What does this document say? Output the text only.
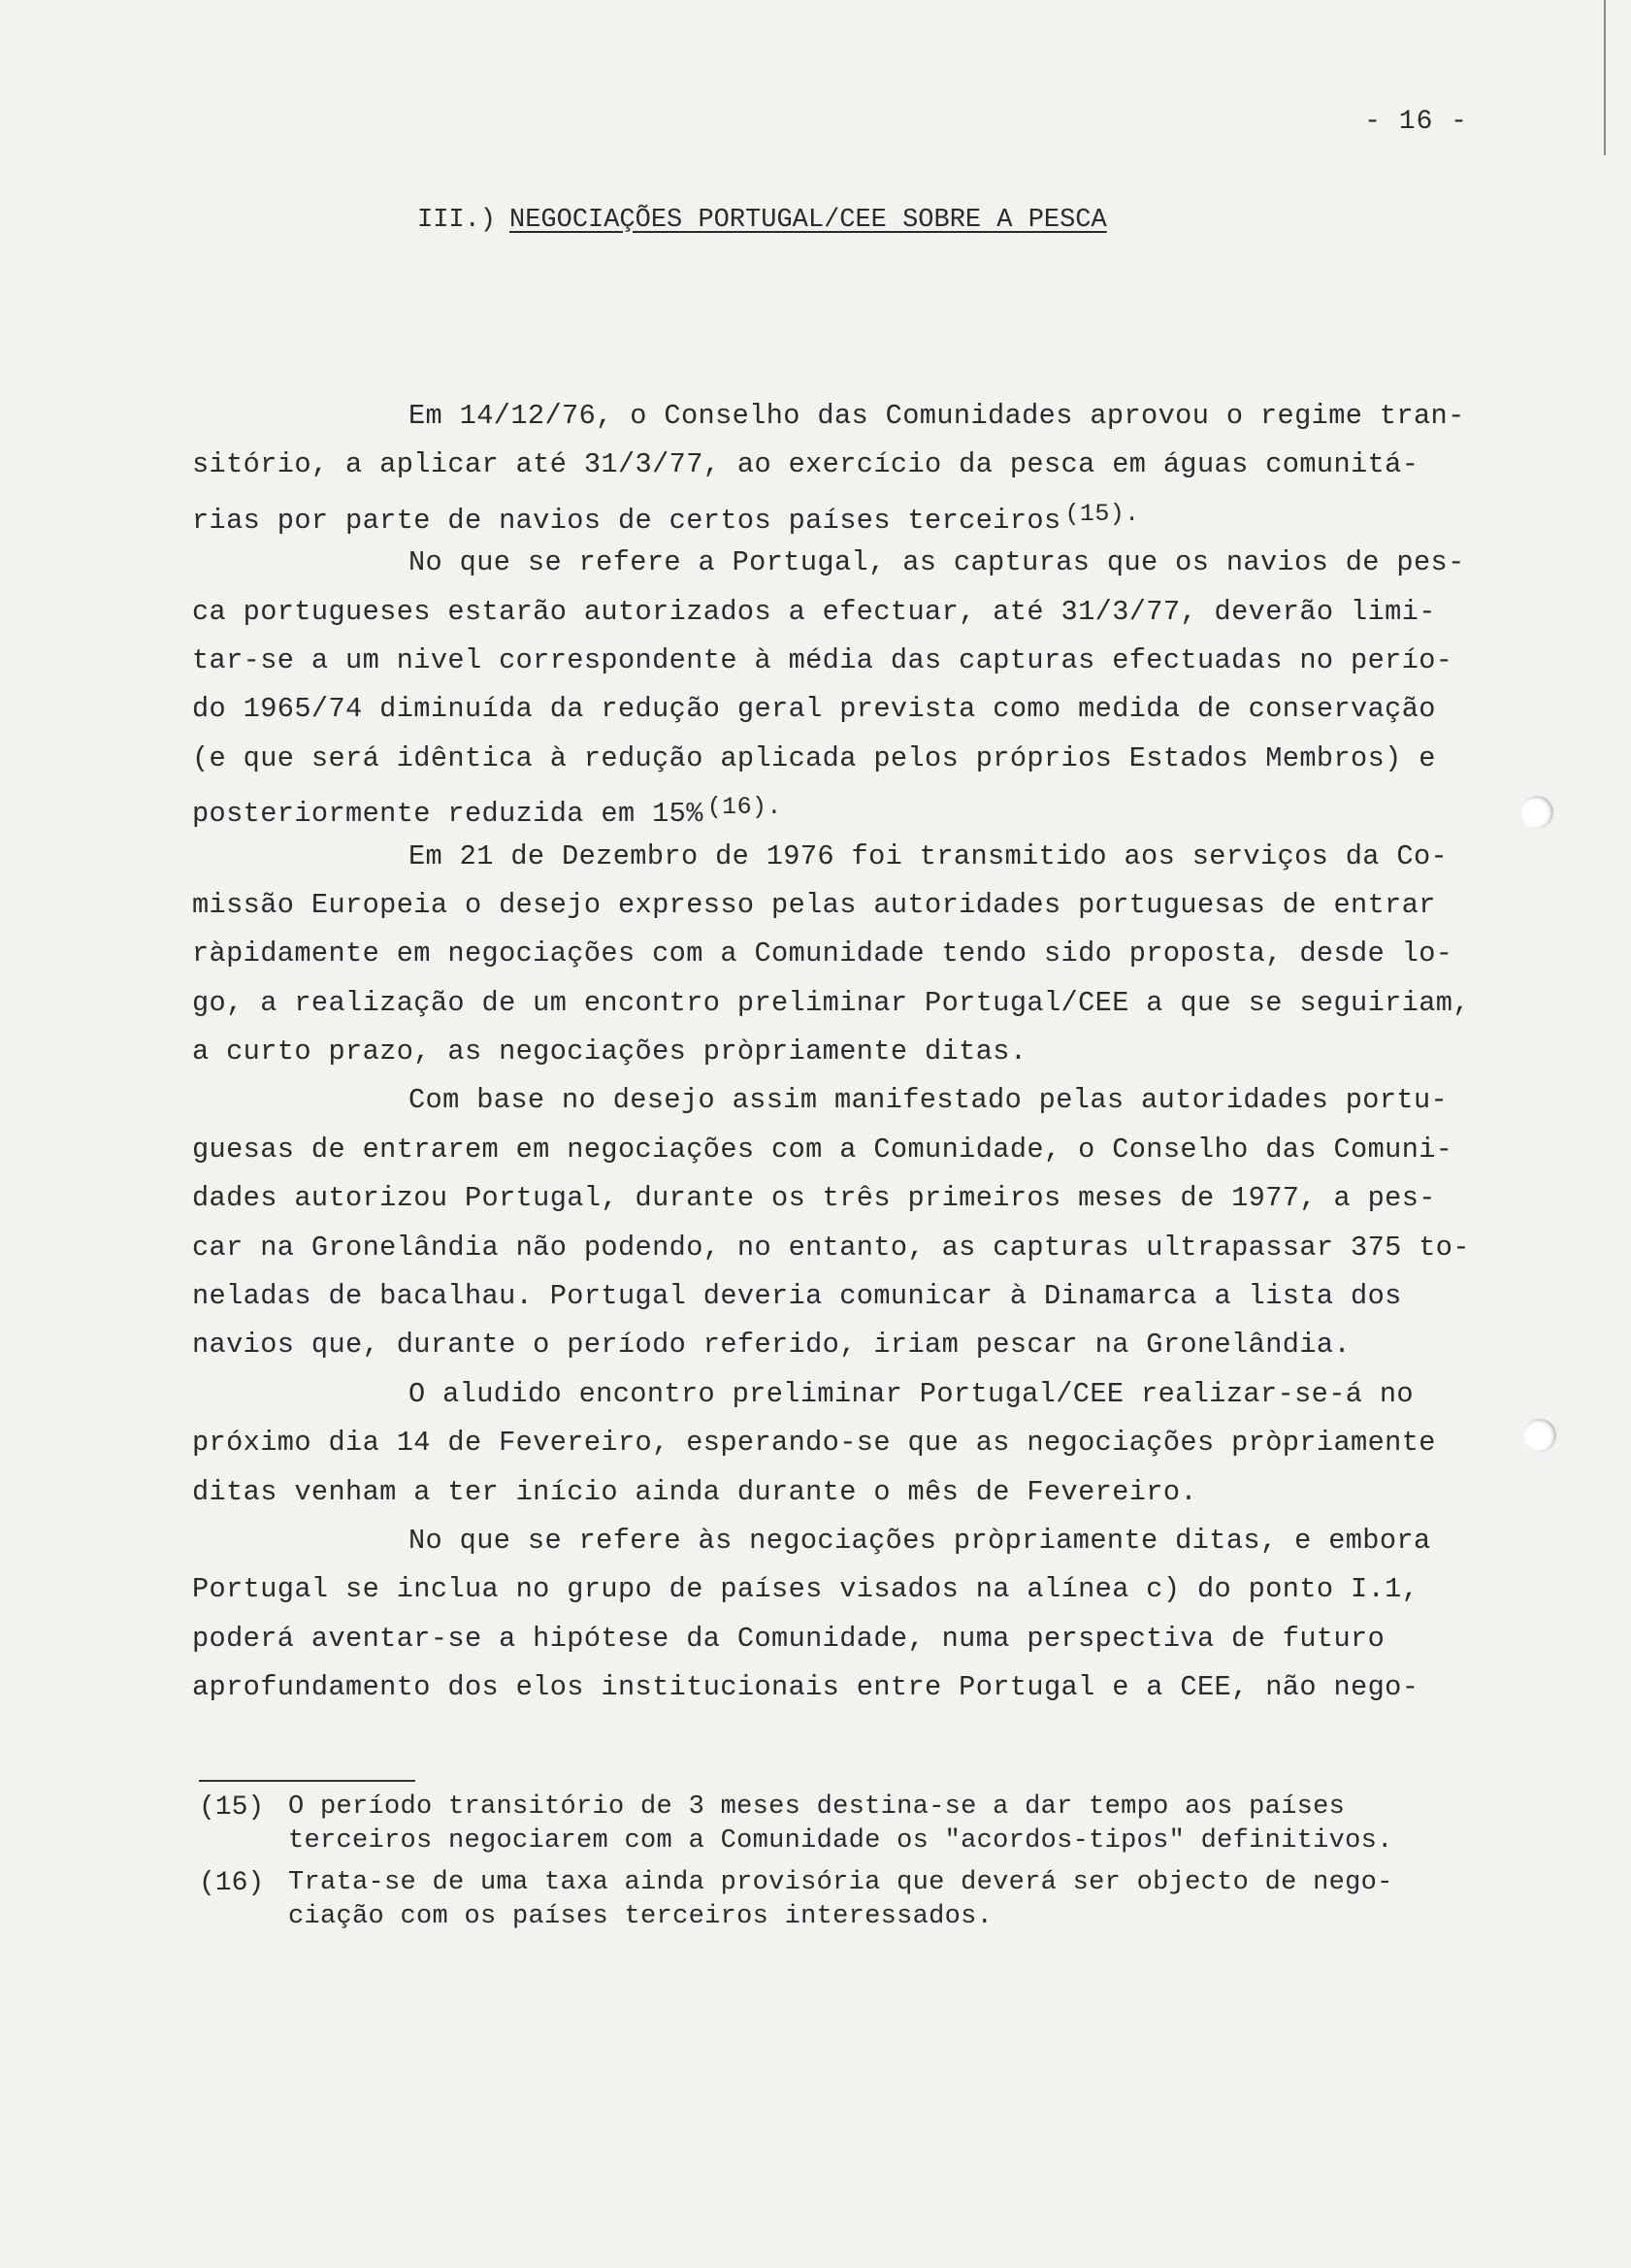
- 16 -
III.) NEGOCIAÇÕES PORTUGAL/CEE SOBRE A PESCA
Em 14/12/76, o Conselho das Comunidades aprovou o regime tran-
sitório, a aplicar até 31/3/77, ao exercício da pesca em águas comunitá-
rias por parte de navios de certos países terceiros $^{(15).}$
No que se refere a Portugal, as capturas que os navios de pes-
ca portugueses estarão autorizados a efectuar, até 31/3/77, deverão limi-
tar-se a um nivel correspondente à média das capturas efectuadas no perío-
do 1965/74 diminuída da redução geral prevista como medida de conservação
(e que será idêntica à redução aplicada pelos próprios Estados Membros) e
posteriormente reduzida em 15% $^{(16).}$
Em 21 de Dezembro de 1976 foi transmitido aos serviços da Co-
missão Europeia o desejo expresso pelas autoridades portuguesas de entrar
ràpidamente em negociações com a Comunidade tendo sido proposta, desde lo-
go, a realização de um encontro preliminar Portugal/CEE a que se seguiriam,
a curto prazo, as negociações pròpriamente ditas.
Com base no desejo assim manifestado pelas autoridades portu-
guesas de entrarem em negociações com a Comunidade, o Conselho das Comuni-
dades autorizou Portugal, durante os três primeiros meses de 1977, a pes-
car na Gronelândia não podendo, no entanto, as capturas ultrapassar 375 to-
neladas de bacalhau. Portugal deveria comunicar à Dinamarca a lista dos
navios que, durante o período referido, iriam pescar na Gronelândia.
O aludido encontro preliminar Portugal/CEE realizar-se-á no
próximo dia 14 de Fevereiro, esperando-se que as negociações pròpriamente
ditas venham a ter início ainda durante o mês de Fevereiro.
No que se refere às negociações pròpriamente ditas, e embora
Portugal se inclua no grupo de países visados na alínea c) do ponto I.1,
poderá aventar-se a hipótese da Comunidade, numa perspectiva de futuro
aprofundamento dos elos institucionais entre Portugal e a CEE, não nego-
(15) O período transitório de 3 meses destina-se a dar tempo aos países
terceiros negociarem com a Comunidade os "acordos-tipos" definitivos.
(16) Trata-se de uma taxa ainda provisória que deverá ser objecto de nego-
ciação com os países terceiros interessados.
